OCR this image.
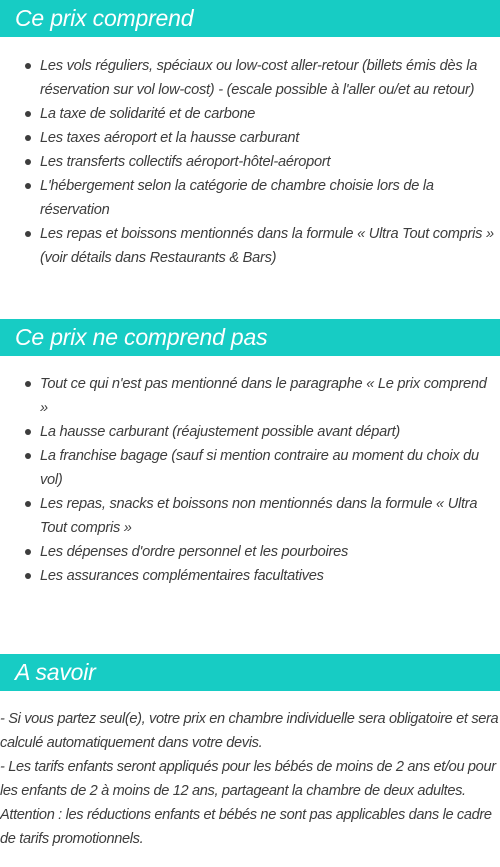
Ce prix comprend
Les vols réguliers, spéciaux ou low-cost aller-retour (billets émis dès la réservation sur vol low-cost) - (escale possible à l'aller ou/et au retour)
La taxe de solidarité et de carbone
Les taxes aéroport et la hausse carburant
Les transferts collectifs aéroport-hôtel-aéroport
L'hébergement selon la catégorie de chambre choisie lors de la réservation
Les repas et boissons mentionnés dans la formule « Ultra Tout compris » (voir détails dans Restaurants & Bars)
Ce prix ne comprend pas
Tout ce qui n'est pas mentionné dans le paragraphe « Le prix comprend »
La hausse carburant (réajustement possible avant départ)
La franchise bagage (sauf si mention contraire au moment du choix du vol)
Les repas, snacks et boissons non mentionnés dans la formule « Ultra Tout compris »
Les dépenses d'ordre personnel et les pourboires
Les assurances complémentaires facultatives
A savoir

- Si vous partez seul(e), votre prix en chambre individuelle sera obligatoire et sera calculé automatiquement dans votre devis.

- Les tarifs enfants seront appliqués pour les bébés de moins de 2 ans et/ou pour les enfants de 2 à moins de 12 ans, partageant la chambre de deux adultes.

Attention : les réductions enfants et bébés ne sont pas applicables dans le cadre de tarifs promotionnels.
